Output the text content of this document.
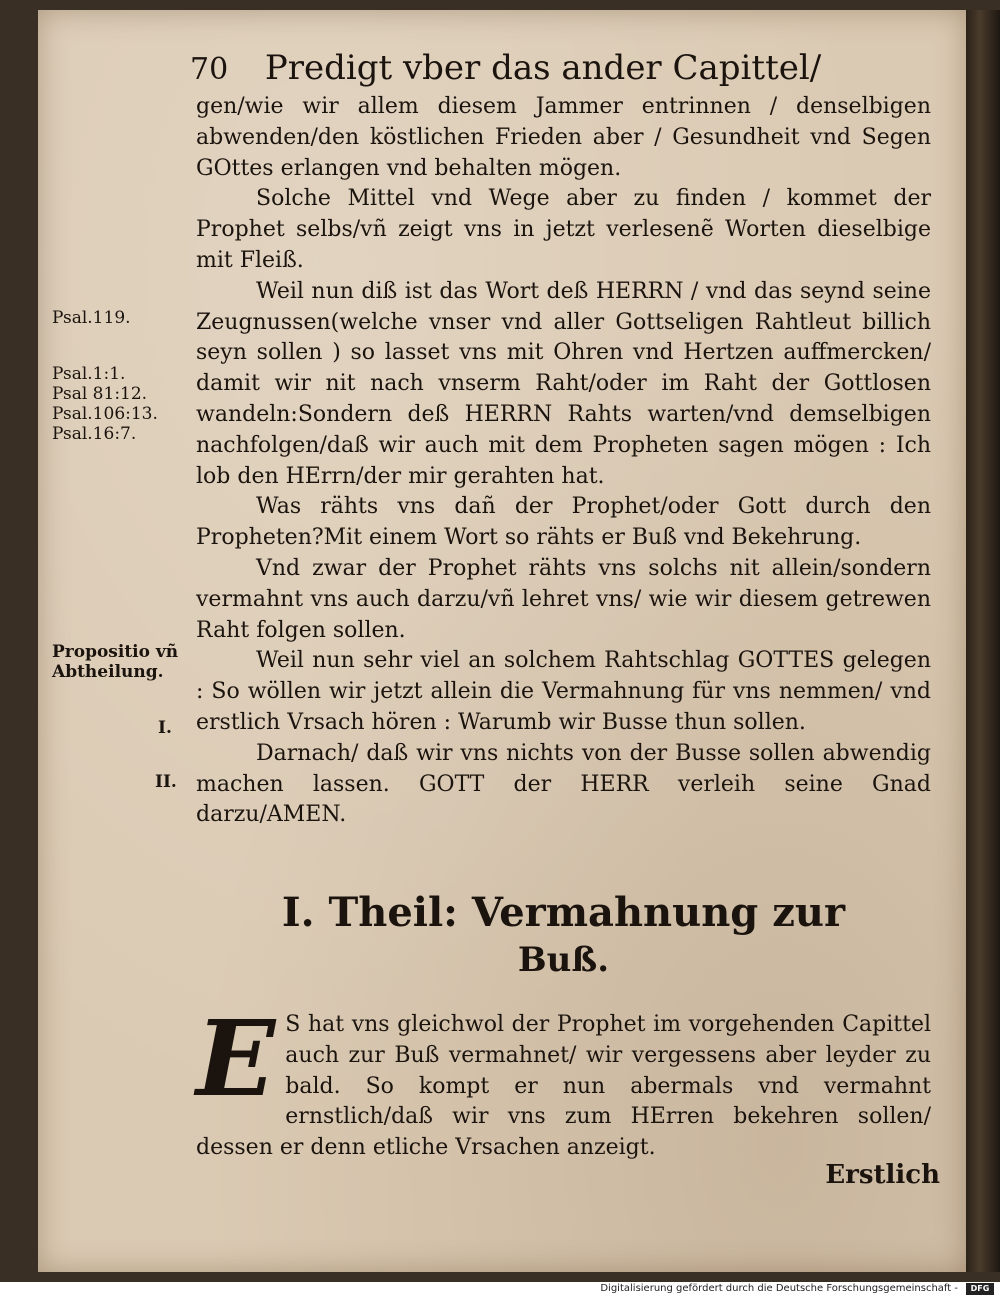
70 Predigt vber das ander Capittel/

gen/wie wir allem diesem Jammer entrinnen / denselbigen abwenden/den köstlichen Frieden aber / Gesundheit vnd Segen GOttes erlangen vnd behalten mögen.

Solche Mittel vnd Wege aber zu finden / kommet der Prophet selbs/vñ zeigt vns in jetzt verlesenẽ Worten dieselbige mit Fleiß.

Weil nun diß ist das Wort deß HERRN / vnd das seynd seine Zeugnussen(welche vnser vnd aller Gottseligen Rahtleut billich seyn sollen ) so lasset vns mit Ohren vnd Hertzen auffmercken/ damit wir nit nach vnserm Raht/oder im Raht der Gottlosen wandeln:Sondern deß HERRN Rahts warten/vnd demselbigen nachfolgen/daß wir auch mit dem Propheten sagen mögen : Ich lob den HErrn/der mir gerahten hat.

Was rähts vns dañ der Prophet/oder Gott durch den Propheten?Mit einem Wort so rähts er Buß vnd Bekehrung.

Vnd zwar der Prophet rähts vns solchs nit allein/sondern vermahnt vns auch darzu/vñ lehret vns/ wie wir diesem getrewen Raht folgen sollen.

Weil nun sehr viel an solchem Rahtschlag GOTTES gelegen : So wöllen wir jetzt allein die Vermahnung für vns nemmen/ vnd erstlich Vrsach hören : Warumb wir Busse thun sollen.

Darnach/ daß wir vns nichts von der Busse sollen abwendig machen lassen. GOTT der HERR verleih seine Gnad darzu/AMEN.

Psal.119.
Psal.1:1.
Psal 81:12.
Psal.106:13.
Psal.16:7.
Propositio vñ Abtheilung.
I.
II.
I. Theil: Vermahnung zur
Buß.
E S hat vns gleichwol der Prophet im vorgehenden Capittel auch zur Buß vermahnet/ wir vergessens aber leyder zu bald. So kompt er nun abermals vnd vermahnt ernstlich/daß wir vns zum HErren bekehren sollen/ dessen er denn etliche Vrsachen anzeigt.
Erstlich
Digitalisierung gefördert durch die Deutsche Forschungsgemeinschaft -	DFG
